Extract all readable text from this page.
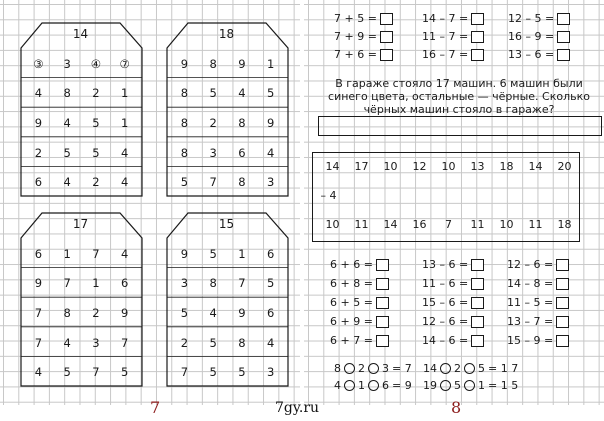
14
③	3	④	⑦
4	8	2	1
9	4	5	1
2	5	5	4
6	4	2	4
18
9	8	9	1
8	5	4	5
8	2	8	9
8	3	6	4
5	7	8	3
17
6	1	7	4
9	7	1	6
7	8	2	9
7	4	3	7
4	5	7	5
15
9	5	1	6
3	8	7	5
5	4	9	6
2	5	8	4
7	5	5	3
7 + 5 =	14 – 7 =	12 – 5 =
7 + 9 =	11 – 7 =	16 – 9 =
7 + 6 =	16 – 7 =	13 – 6 =
В гараже стояло 17 машин. 6 машин были синего цвета, остальные — чёрные. Сколько чёрных машин стояло в гараже?
14	17	10	12	10	13	18	14	20
– 4
10	11	14	16	7	11	10	11	18
6 + 6 =	13 – 6 =	12 – 6 =
6 + 8 =	11 – 6 =	14 – 8 =
6 + 5 =	15 – 6 =	11 – 5 =
6 + 9 =	12 – 6 =	13 – 7 =
6 + 7 =	14 – 6 =	15 – 9 =
8 2 3 = 7 14 2 5 = 1 7
4 1 6 = 9 19 5 1 = 1 5
7	8
7gy.ru
